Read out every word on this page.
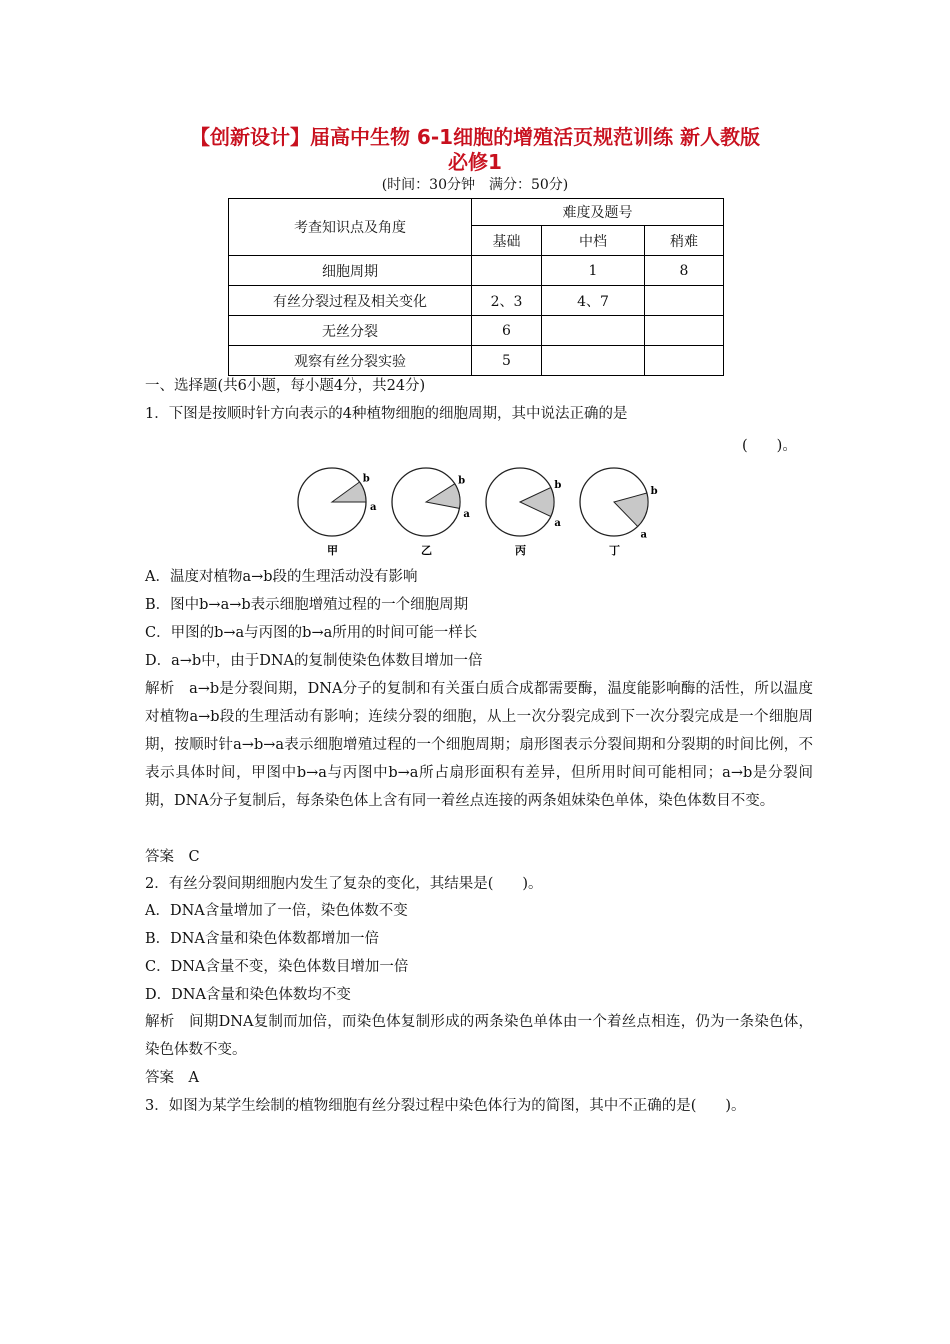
【创新设计】届高中生物 6-1细胞的增殖活页规范训练 新人教版
必修1
(时间：30分钟　满分：50分)
考查知识点及角度	难度及题号		
	基础	中档	稍难
细胞周期		1	8
有丝分裂过程及相关变化	2、3	4、7	
无丝分裂	6		
观察有丝分裂实验	5		
一、选择题(共6小题，每小题4分，共24分)
1．下图是按顺时针方向表示的4种植物细胞的细胞周期，其中说法正确的是
(　　)。
b
a
甲
b
a
乙
b
a
丙
b
a
丁
A．温度对植物a→b段的生理活动没有影响
B．图中b→a→b表示细胞增殖过程的一个细胞周期
C．甲图的b→a与丙图的b→a所用的时间可能一样长
D．a→b中，由于DNA的复制使染色体数目增加一倍
解析　a→b是分裂间期，DNA分子的复制和有关蛋白质合成都需要酶，温度能影响酶的活性，所以温度对植物a→b段的生理活动有影响；连续分裂的细胞，从上一次分裂完成到下一次分裂完成是一个细胞周期，按顺时针a→b→a表示细胞增殖过程的一个细胞周期；扇形图表示分裂间期和分裂期的时间比例，不表示具体时间，甲图中b→a与丙图中b→a所占扇形面积有差异，但所用时间可能相同；a→b是分裂间期，DNA分子复制后，每条染色体上含有同一着丝点连接的两条姐妹染色单体，染色体数目不变。
答案　C
2．有丝分裂间期细胞内发生了复杂的变化，其结果是(　　)。
A．DNA含量增加了一倍，染色体数不变
B．DNA含量和染色体数都增加一倍
C．DNA含量不变，染色体数目增加一倍
D．DNA含量和染色体数均不变
解析　间期DNA复制而加倍，而染色体复制形成的两条染色单体由一个着丝点相连，仍为一条染色体，染色体数不变。
答案　A
3．如图为某学生绘制的植物细胞有丝分裂过程中染色体行为的简图，其中不正确的是(　　)。
